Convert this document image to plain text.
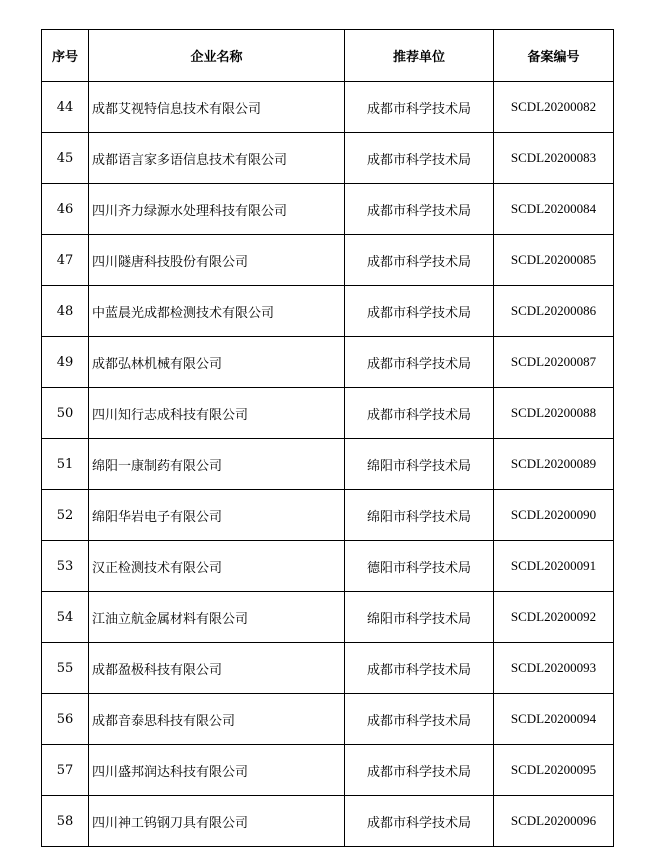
序号	企业名称	推荐单位	备案编号
44	成都艾视特信息技术有限公司	成都市科学技术局	SCDL20200082
45	成都语言家多语信息技术有限公司	成都市科学技术局	SCDL20200083
46	四川齐力绿源水处理科技有限公司	成都市科学技术局	SCDL20200084
47	四川隧唐科技股份有限公司	成都市科学技术局	SCDL20200085
48	中蓝晨光成都检测技术有限公司	成都市科学技术局	SCDL20200086
49	成都弘林机械有限公司	成都市科学技术局	SCDL20200087
50	四川知行志成科技有限公司	成都市科学技术局	SCDL20200088
51	绵阳一康制药有限公司	绵阳市科学技术局	SCDL20200089
52	绵阳华岩电子有限公司	绵阳市科学技术局	SCDL20200090
53	汉正检测技术有限公司	德阳市科学技术局	SCDL20200091
54	江油立航金属材料有限公司	绵阳市科学技术局	SCDL20200092
55	成都盈极科技有限公司	成都市科学技术局	SCDL20200093
56	成都音泰思科技有限公司	成都市科学技术局	SCDL20200094
57	四川盛邦润达科技有限公司	成都市科学技术局	SCDL20200095
58	四川神工钨钢刀具有限公司	成都市科学技术局	SCDL20200096
